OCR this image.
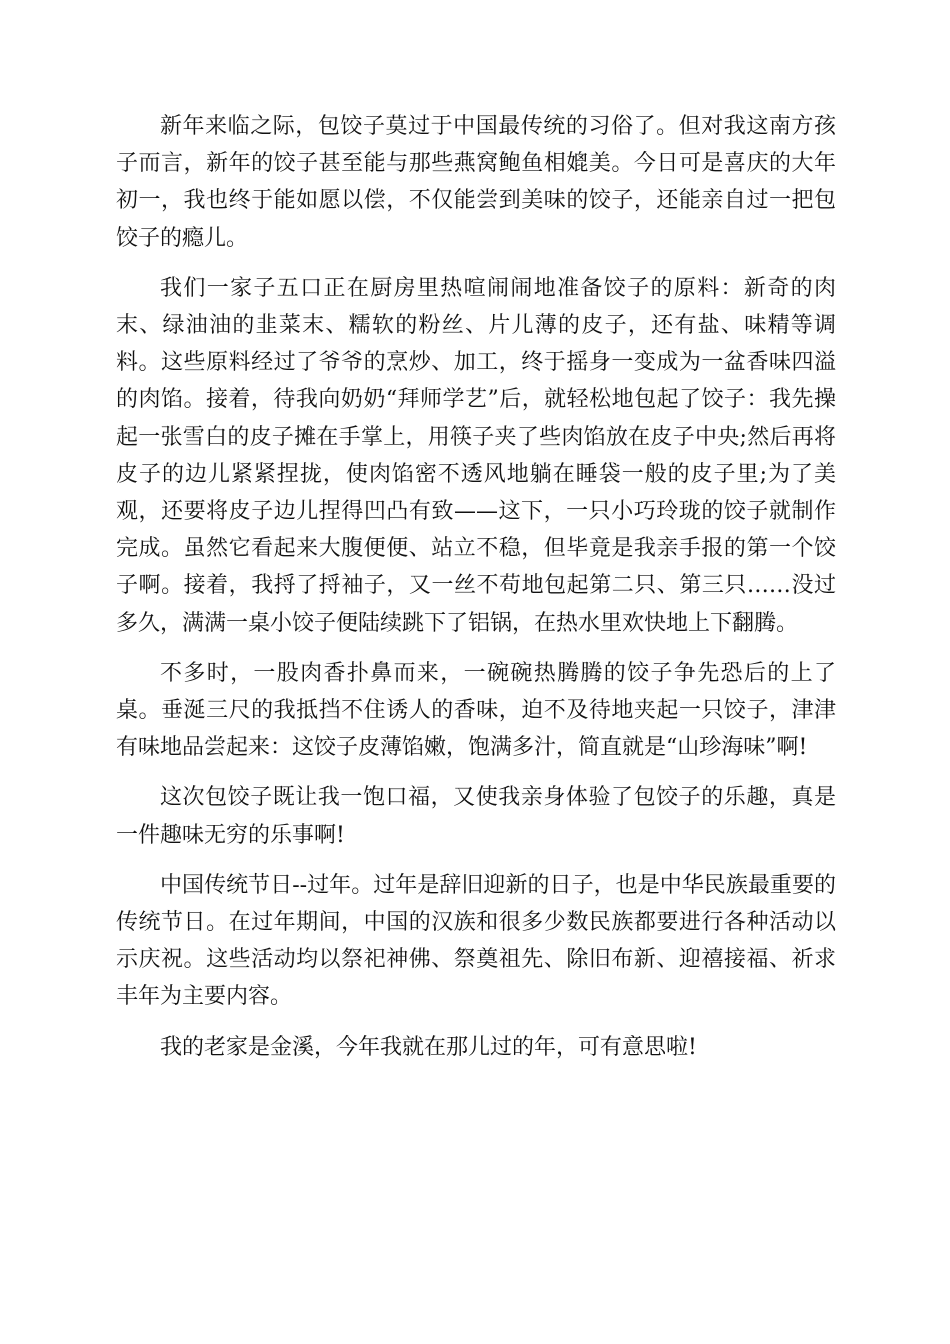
新年来临之际，包饺子莫过于中国最传统的习俗了。但对我这南方孩子而言，新年的饺子甚至能与那些燕窝鲍鱼相媲美。今日可是喜庆的大年初一，我也终于能如愿以偿，不仅能尝到美味的饺子，还能亲自过一把包饺子的瘾儿。

我们一家子五口正在厨房里热喧闹闹地准备饺子的原料：新奇的肉末、绿油油的韭菜末、糯软的粉丝、片儿薄的皮子，还有盐、味精等调料。这些原料经过了爷爷的烹炒、加工，终于摇身一变成为一盆香味四溢的肉馅。接着，待我向奶奶“拜师学艺”后，就轻松地包起了饺子：我先操起一张雪白的皮子摊在手掌上，用筷子夹了些肉馅放在皮子中央;然后再将皮子的边儿紧紧捏拢，使肉馅密不透风地躺在睡袋一般的皮子里;为了美观，还要将皮子边儿捏得凹凸有致——这下，一只小巧玲珑的饺子就制作完成。虽然它看起来大腹便便、站立不稳，但毕竟是我亲手报的第一个饺子啊。接着，我捋了捋袖子，又一丝不苟地包起第二只、第三只……没过多久，满满一桌小饺子便陆续跳下了铝锅，在热水里欢快地上下翻腾。

不多时，一股肉香扑鼻而来，一碗碗热腾腾的饺子争先恐后的上了桌。垂涎三尺的我抵挡不住诱人的香味，迫不及待地夹起一只饺子，津津有味地品尝起来：这饺子皮薄馅嫩，饱满多汁，简直就是“山珍海味”啊!

这次包饺子既让我一饱口福，又使我亲身体验了包饺子的乐趣，真是一件趣味无穷的乐事啊!

中国传统节日--过年。过年是辞旧迎新的日子，也是中华民族最重要的传统节日。在过年期间，中国的汉族和很多少数民族都要进行各种活动以示庆祝。这些活动均以祭祀神佛、祭奠祖先、除旧布新、迎禧接福、祈求丰年为主要内容。

我的老家是金溪，今年我就在那儿过的年，可有意思啦!
